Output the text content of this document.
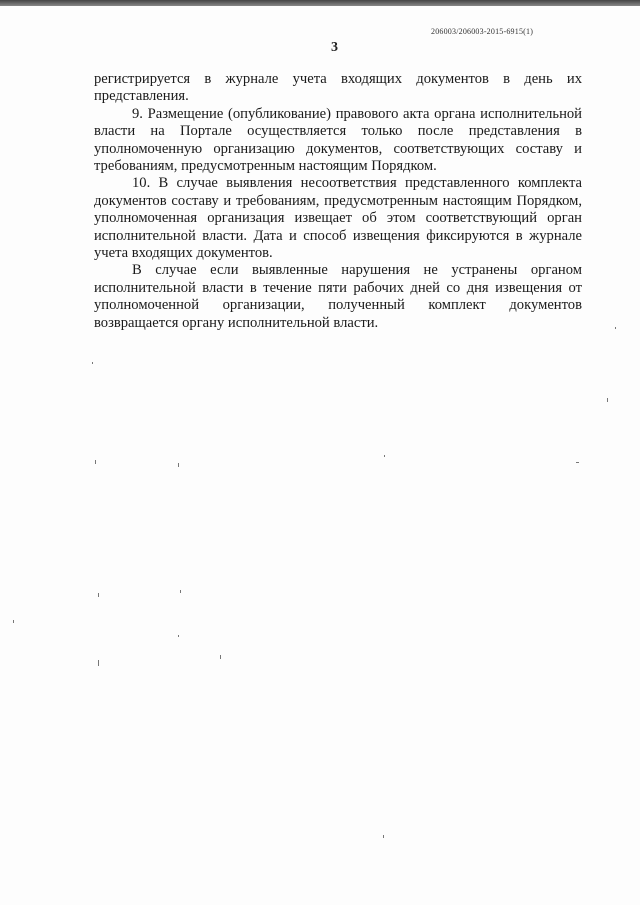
206003/206003-2015-6915(1)
3

регистрируется в журнале учета входящих документов в день их представления.

9. Размещение (опубликование) правового акта органа исполнительной власти на Портале осуществляется только после представления в уполномоченную организацию документов, соответствующих составу и требованиям, предусмотренным настоящим Порядком.

10. В случае выявления несоответствия представленного комплекта документов составу и требованиям, предусмотренным настоящим Порядком, уполномоченная организация извещает об этом соответствующий орган исполнительной власти. Дата и способ извещения фиксируются в журнале учета входящих документов.

В случае если выявленные нарушения не устранены органом исполнительной власти в течение пяти рабочих дней со дня извещения от уполномоченной организации, полученный комплект документов возвращается органу исполнительной власти.
